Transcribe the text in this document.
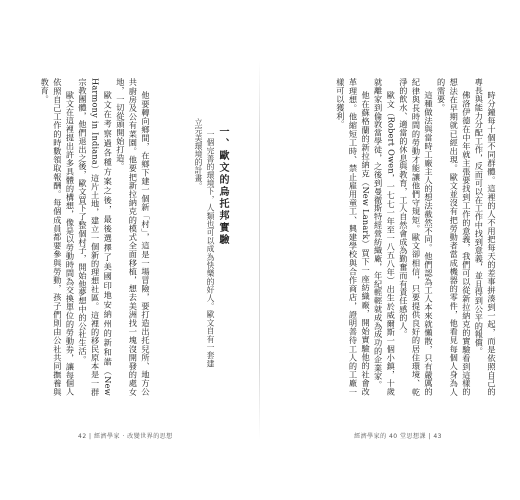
一、歐文的烏托邦實驗

一個完善的環境下，人類也可以成為快樂的好人。歐文自有一套建立完美環境的計畫。

他要轉向鄉間，在鄉下建一個新「村」，這是一場冒險，要打造出托兒所、地方公共廚房及公有菜園。他要把新拉納克的模式全面移植，想去美洲找一塊沒開發的處女地，一切從頭開始打造。

歐文在考察過各種方案之後，最後選擇了美國印地安納州的新和諧（New Harmony in Indiana）這片土地，建立一個新的理想社區。這裡的移民原本是一群宗教團體，他們退出之後，歐文買下了整個村子，開始他夢想中的公社生活。

歐文在這裡提出許多具體的構想，像是以勞動時間為交換單位的勞動券，讓每個人依照自己工作的時數領取報酬。每個成員都要參與勞動，孩子們則由公社共同撫養與教育。

42 | 經濟學家 · 改變世界的思想

時分鐘每十個不同群體。這裡的人不用把每天的差事拼湊到一起，而是依照自己的專長與能力分配工作，反而可以在工作中找到意義，並且得到公平的報償。

佛洛伊德在中年就主張要找到工作的意義，我們可以從新拉納克的實驗看到這樣的想法在早期就已經出現。歐文並沒有把勞動者當成機器的零件，他看見每個人身為人的需要。

這種做法與當時工廠主人的想法截然不同。他們認為工人本來就懶散，只有嚴厲的紀律與長時間的勞動才能讓他們守規矩。歐文卻相信，只要提供良好的居住環境、乾淨的飲水、適當的休息與教育，工人自然會成為勤奮而有責任感的人。

歐文（Robert Owen，一七七一年至一八五八年）出生於威爾斯一個小鎮，十歲就離家到倫敦當學徒，之後到曼徹斯特經營紡織廠，年紀輕輕就成為成功的企業家。

他在蘇格蘭的新拉納克（New Lanark）買下一座紡織廠，開始實驗他的社會改革理想。他縮短工時、禁止雇用童工、興建學校與合作商店，證明善待工人的工廠一樣可以獲利。

經濟學家的 40 堂思想課 | 43
